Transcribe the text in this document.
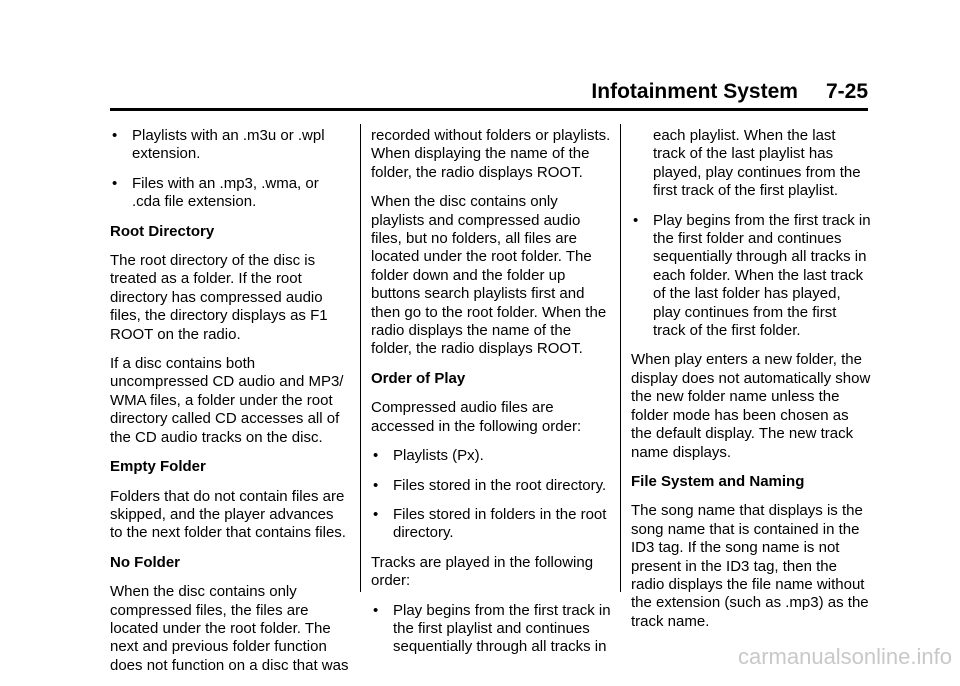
Infotainment System 7-25
• Playlists with an .m3u or .wpl extension.
• Files with an .mp3, .wma, or .cda file extension.
Root Directory
The root directory of the disc is treated as a folder. If the root directory has compressed audio files, the directory displays as F1 ROOT on the radio.
If a disc contains both uncompressed CD audio and MP3/ WMA files, a folder under the root directory called CD accesses all of the CD audio tracks on the disc.
Empty Folder
Folders that do not contain files are skipped, and the player advances to the next folder that contains files.
No Folder
When the disc contains only compressed files, the files are located under the root folder. The next and previous folder function does not function on a disc that was
recorded without folders or playlists. When displaying the name of the folder, the radio displays ROOT.
When the disc contains only playlists and compressed audio files, but no folders, all files are located under the root folder. The folder down and the folder up buttons search playlists first and then go to the root folder. When the radio displays the name of the folder, the radio displays ROOT.
Order of Play
Compressed audio files are accessed in the following order:
• Playlists (Px).
• Files stored in the root directory.
• Files stored in folders in the root directory.
Tracks are played in the following order:
• Play begins from the first track in the first playlist and continues sequentially through all tracks in
each playlist. When the last track of the last playlist has played, play continues from the first track of the first playlist.
• Play begins from the first track in the first folder and continues sequentially through all tracks in each folder. When the last track of the last folder has played, play continues from the first track of the first folder.
When play enters a new folder, the display does not automatically show the new folder name unless the folder mode has been chosen as the default display. The new track name displays.
File System and Naming
The song name that displays is the song name that is contained in the ID3 tag. If the song name is not present in the ID3 tag, then the radio displays the file name without the extension (such as .mp3) as the track name.
carmanualsonline.info
